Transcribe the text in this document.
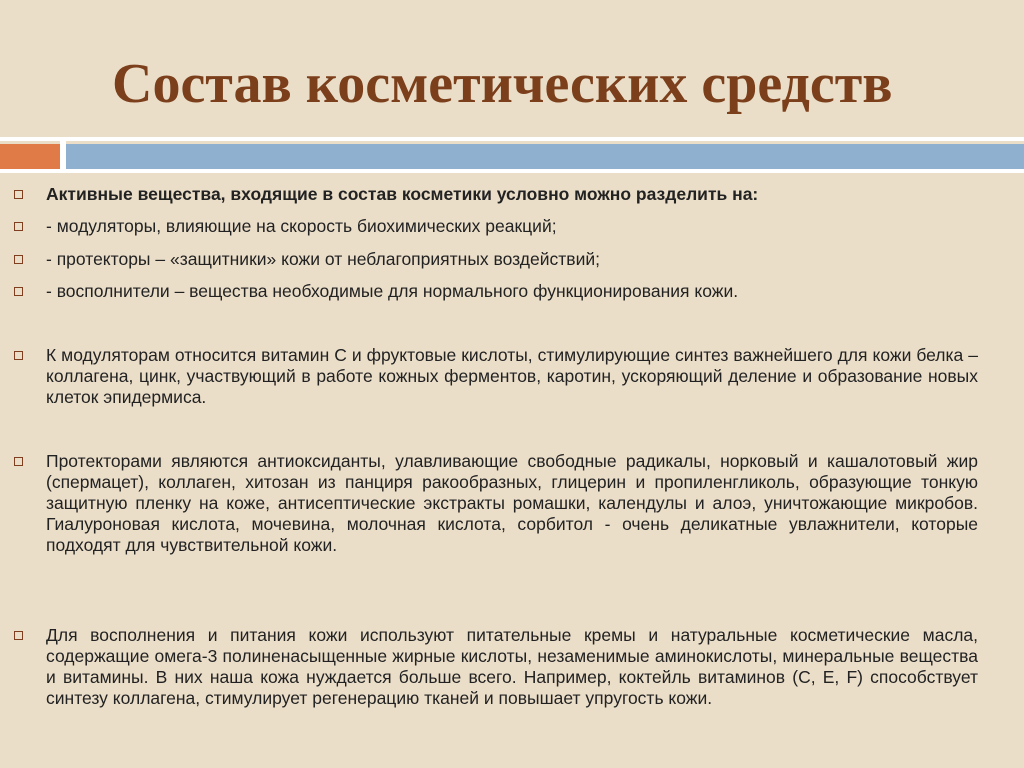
Состав косметических средств

Активные вещества, входящие в состав косметики условно можно разделить на:

- модуляторы, влияющие на скорость биохимических реакций;

- протекторы – «защитники» кожи от неблагоприятных воздействий;

- восполнители – вещества необходимые для нормального функционирования кожи.

К модуляторам относится витамин С и фруктовые кислоты, стимулирующие синтез важнейшего для кожи белка – коллагена, цинк, участвующий в работе кожных ферментов, каротин, ускоряющий деление и образование новых клеток эпидермиса.

Протекторами являются антиоксиданты, улавливающие свободные радикалы, норковый и кашалотовый жир (спермацет), коллаген, хитозан из панциря ракообразных, глицерин и пропиленгликоль, образующие тонкую защитную пленку на коже, антисептические экстракты ромашки, календулы и алоэ, уничтожающие микробов. Гиалуроновая кислота, мочевина, молочная кислота, сорбитол - очень деликатные увлажнители, которые подходят для чувствительной кожи.

Для восполнения и питания кожи используют питательные кремы и натуральные косметические масла, содержащие омега-3 полиненасыщенные жирные кислоты, незаменимые аминокислоты, минеральные вещества и витамины. В них наша кожа нуждается больше всего. Например, коктейль витаминов (C, E, F) способствует синтезу коллагена, стимулирует регенерацию тканей и повышает упругость кожи.
